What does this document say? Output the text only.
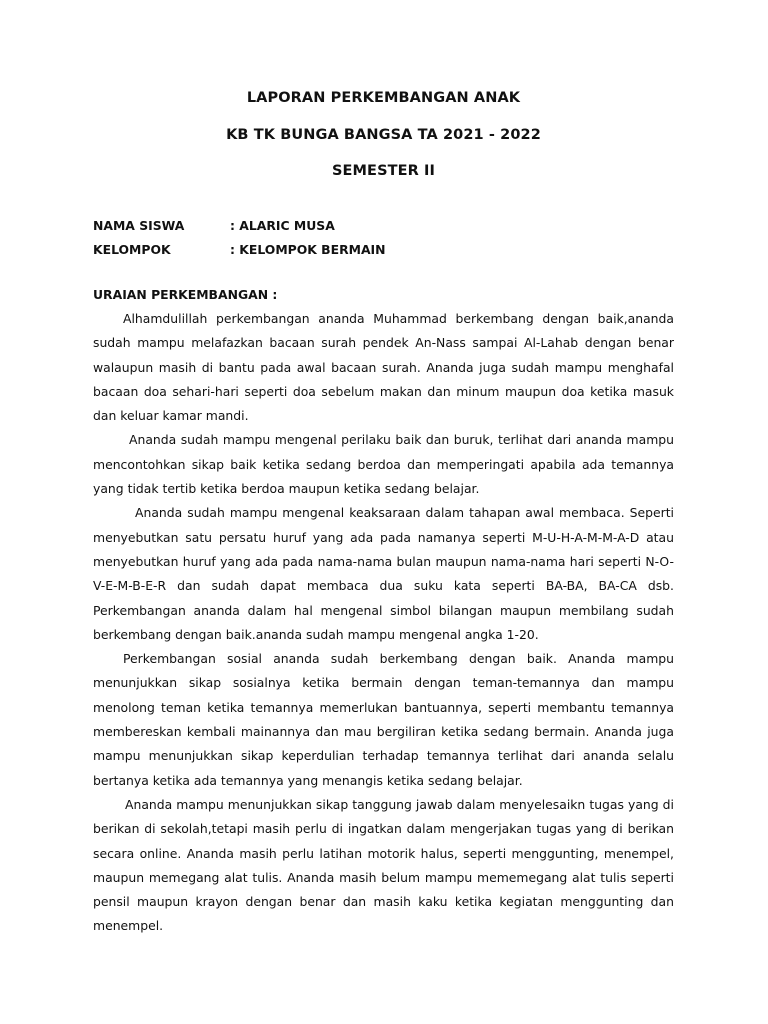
LAPORAN PERKEMBANGAN ANAK
KB TK BUNGA BANGSA TA 2021 - 2022
SEMESTER II
NAMA SISWA	: ALARIC MUSA
KELOMPOK	: KELOMPOK BERMAIN
URAIAN PERKEMBANGAN :

Alhamdulillah perkembangan ananda Muhammad berkembang dengan baik,ananda sudah mampu melafazkan bacaan surah pendek An-Nass sampai Al-Lahab dengan benar walaupun masih di bantu pada awal bacaan surah. Ananda juga sudah mampu menghafal bacaan doa sehari-hari seperti doa sebelum makan dan minum maupun doa ketika masuk dan keluar kamar mandi.

Ananda sudah mampu mengenal perilaku baik dan buruk, terlihat dari ananda mampu mencontohkan sikap baik ketika sedang berdoa dan memperingati apabila ada temannya yang tidak tertib ketika berdoa maupun ketika sedang belajar.

Ananda sudah mampu mengenal keaksaraan dalam tahapan awal membaca. Seperti menyebutkan satu persatu huruf yang ada pada namanya seperti M-U-H-A-M-M-A-D atau menyebutkan huruf yang ada pada nama-nama bulan maupun nama-nama hari seperti N-O-V-E-M-B-E-R dan sudah dapat membaca dua suku kata seperti BA-BA, BA-CA dsb. Perkembangan ananda dalam hal mengenal simbol bilangan maupun membilang sudah berkembang dengan baik.ananda sudah mampu mengenal angka 1-20.

Perkembangan sosial ananda sudah berkembang dengan baik. Ananda mampu menunjukkan sikap sosialnya ketika bermain dengan teman-temannya dan mampu menolong teman ketika temannya memerlukan bantuannya, seperti membantu temannya membereskan kembali mainannya dan mau bergiliran ketika sedang bermain. Ananda juga mampu menunjukkan sikap keperdulian terhadap temannya terlihat dari ananda selalu bertanya ketika ada temannya yang menangis ketika sedang belajar.

Ananda mampu menunjukkan sikap tanggung jawab dalam menyelesaikn tugas yang di berikan di sekolah,tetapi masih perlu di ingatkan dalam mengerjakan tugas yang di berikan secara online. Ananda masih perlu latihan motorik halus, seperti menggunting, menempel, maupun memegang alat tulis. Ananda masih belum mampu mememegang alat tulis seperti pensil maupun krayon dengan benar dan masih kaku ketika kegiatan menggunting dan menempel.
